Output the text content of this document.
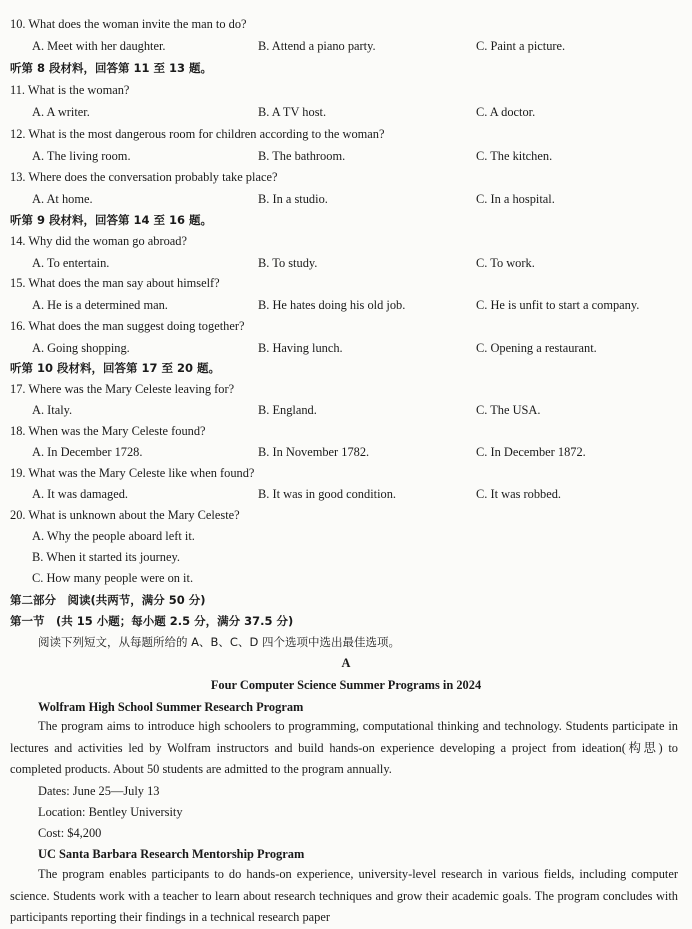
10. What does the woman invite the man to do?
A. Meet with her daughter.	B. Attend a piano party.	C. Paint a picture.
听第 8 段材料，回答第 11 至 13 题。
11. What is the woman?
A. A writer.	B. A TV host.	C. A doctor.
12. What is the most dangerous room for children according to the woman?
A. The living room.	B. The bathroom.	C. The kitchen.
13. Where does the conversation probably take place?
A. At home.	B. In a studio.	C. In a hospital.
听第 9 段材料，回答第 14 至 16 题。
14. Why did the woman go abroad?
A. To entertain.	B. To study.	C. To work.
15. What does the man say about himself?
A. He is a determined man.	B. He hates doing his old job.	C. He is unfit to start a company.
16. What does the man suggest doing together?
A. Going shopping.	B. Having lunch.	C. Opening a restaurant.
听第 10 段材料，回答第 17 至 20 题。
17. Where was the Mary Celeste leaving for?
A. Italy.	B. England.	C. The USA.
18. When was the Mary Celeste found?
A. In December 1728.	B. In November 1782.	C. In December 1872.
19. What was the Mary Celeste like when found?
A. It was damaged.	B. It was in good condition.	C. It was robbed.
20. What is unknown about the Mary Celeste?
A. Why the people aboard left it.
B. When it started its journey.
C. How many people were on it.
第二部分　阅读(共两节，满分 50 分)
第一节　(共 15 小题；每小题 2.5 分，满分 37.5 分)
阅读下列短文，从每题所给的 A、B、C、D 四个选项中选出最佳选项。
A
Four Computer Science Summer Programs in 2024
Wolfram High School Summer Research Program
The program aims to introduce high schoolers to programming, computational thinking and technology. Students participate in lectures and activities led by Wolfram instructors and build hands-on experience developing a project from ideation(构思) to completed products. About 50 students are admitted to the program annually.
Dates: June 25—July 13
Location: Bentley University
Cost: $4,200
UC Santa Barbara Research Mentorship Program
The program enables participants to do hands-on experience, university-level research in various fields, including computer science. Students work with a teacher to learn about research techniques and grow their academic goals. The program concludes with participants reporting their findings in a technical research paper
